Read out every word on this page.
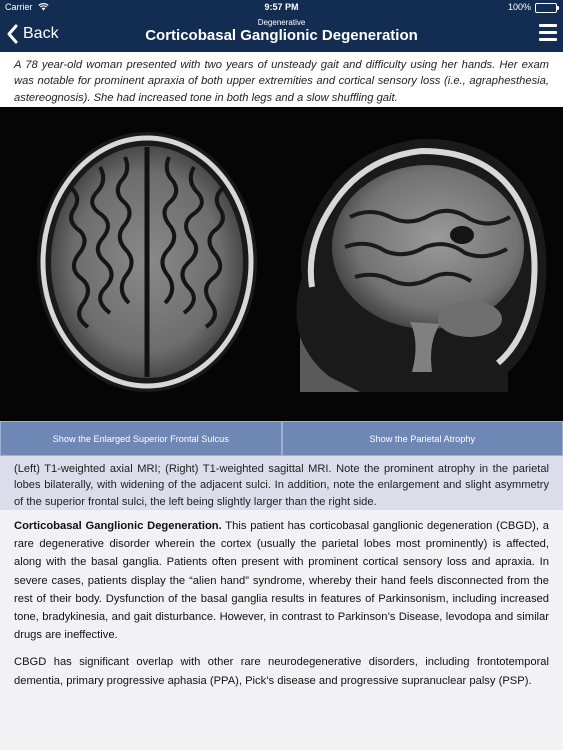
Carrier	9:57 PM	100%
Back
Degenerative
Corticobasal Ganglionic Degeneration
A 78 year-old woman presented with two years of unsteady gait and difficulty using her hands. Her exam was notable for prominent apraxia of both upper extremities and cortical sensory loss (i.e., agraphesthesia, astereognosis). She had increased tone in both legs and a slow shuffling gait.
Show the Enlarged Superior Frontal Sulcus	Show the Parietal Atrophy
(Left) T1-weighted axial MRI; (Right) T1-weighted sagittal MRI. Note the prominent atrophy in the parietal lobes bilaterally, with widening of the adjacent sulci. In addition, note the enlargement and slight asymmetry of the superior frontal sulci, the left being slightly larger than the right side.

Corticobasal Ganglionic Degeneration. This patient has corticobasal ganglionic degeneration (CBGD), a rare degenerative disorder wherein the cortex (usually the parietal lobes most prominently) is affected, along with the basal ganglia. Patients often present with prominent cortical sensory loss and apraxia. In severe cases, patients display the “alien hand” syndrome, whereby their hand feels disconnected from the rest of their body. Dysfunction of the basal ganglia results in features of Parkinsonism, including increased tone, bradykinesia, and gait disturbance. However, in contrast to Parkinson’s Disease, levodopa and similar drugs are ineffective.

CBGD has significant overlap with other rare neurodegenerative disorders, including frontotemporal dementia, primary progressive aphasia (PPA), Pick’s disease and progressive supranuclear palsy (PSP).
